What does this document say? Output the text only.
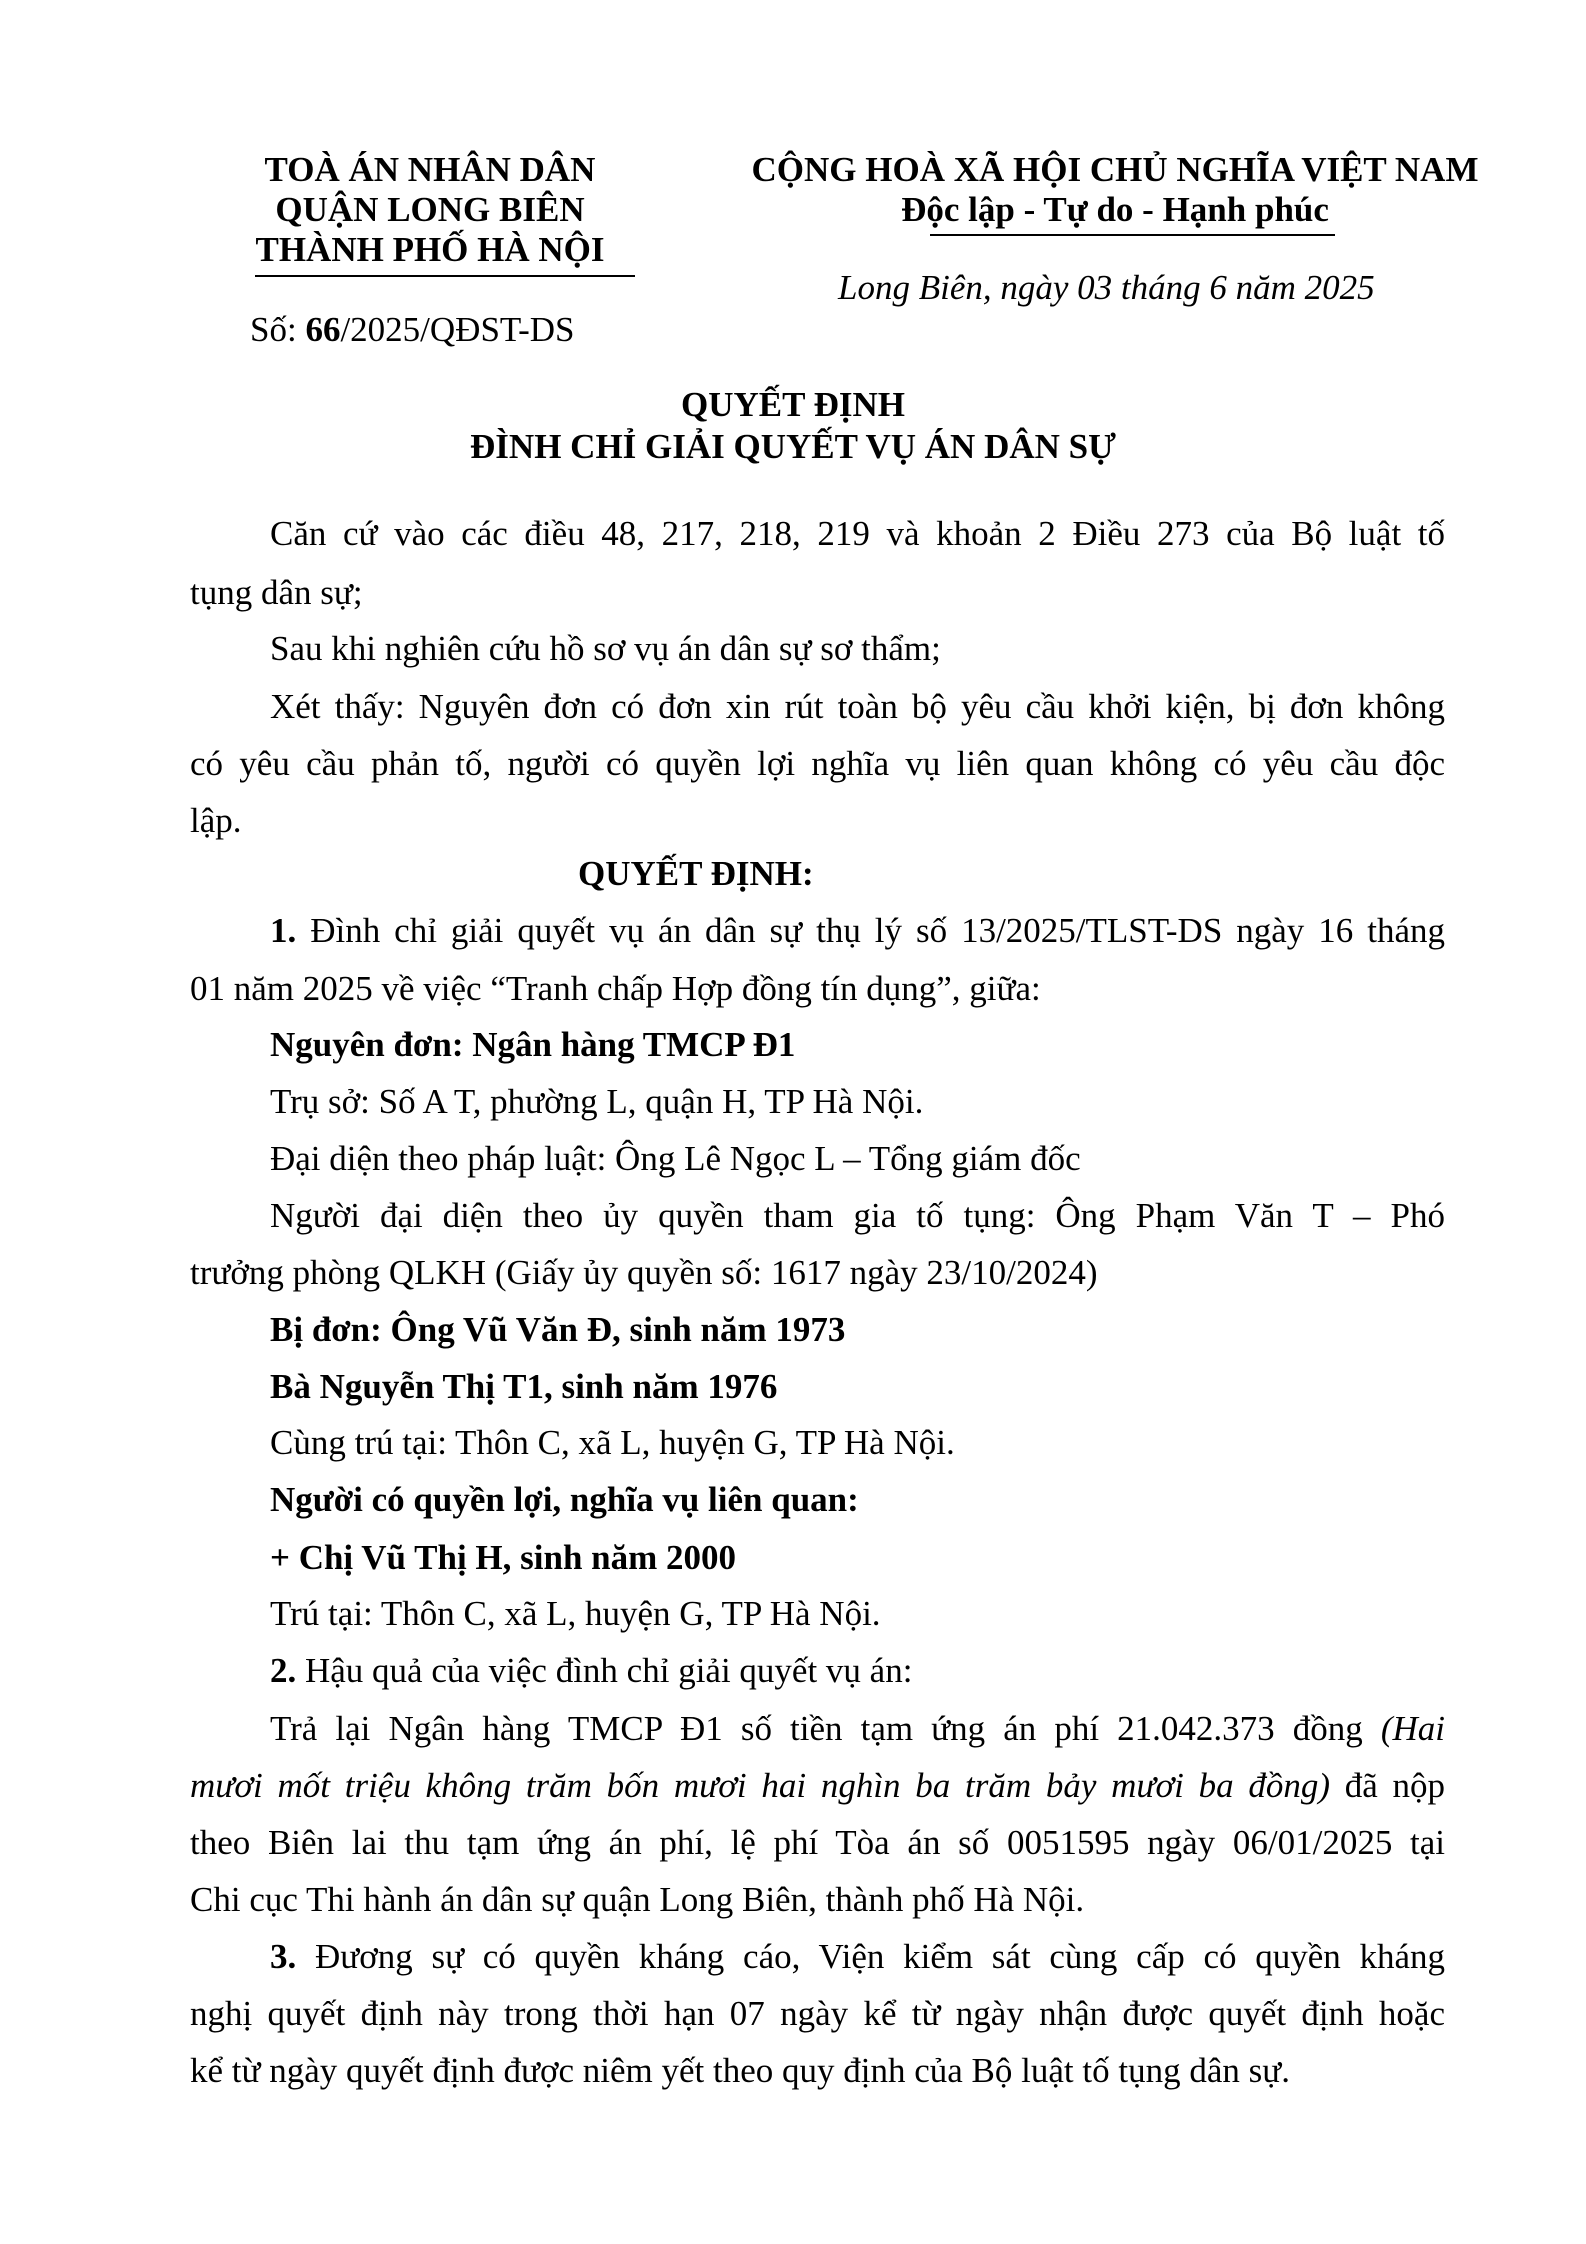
TOÀ ÁN NHÂN DÂN
QUẬN LONG BIÊN
THÀNH PHỐ HÀ NỘI
Số: 66/2025/QĐST-DS
CỘNG HOÀ XÃ HỘI CHỦ NGHĨA VIỆT NAM
Độc lập - Tự do - Hạnh phúc
Long Biên, ngày 03 tháng 6 năm 2025
QUYẾT ĐỊNH
ĐÌNH CHỈ GIẢI QUYẾT VỤ ÁN DÂN SỰ
Căn cứ vào các điều 48, 217, 218, 219 và khoản 2 Điều 273 của Bộ luật tố
tụng dân sự;
Sau khi nghiên cứu hồ sơ vụ án dân sự sơ thẩm;
Xét thấy: Nguyên đơn có đơn xin rút toàn bộ yêu cầu khởi kiện, bị đơn không
có yêu cầu phản tố, người có quyền lợi nghĩa vụ liên quan không có yêu cầu độc
lập.
QUYẾT ĐỊNH:
1. Đình chỉ giải quyết vụ án dân sự thụ lý số 13/2025/TLST-DS ngày 16 tháng
01 năm 2025 về việc “Tranh chấp Hợp đồng tín dụng”, giữa:
Nguyên đơn: Ngân hàng TMCP Đ1
Trụ sở: Số A T, phường L, quận H, TP Hà Nội.
Đại diện theo pháp luật: Ông Lê Ngọc L – Tổng giám đốc
Người đại diện theo ủy quyền tham gia tố tụng: Ông Phạm Văn T – Phó
trưởng phòng QLKH (Giấy ủy quyền số: 1617 ngày 23/10/2024)
Bị đơn: Ông Vũ Văn Đ, sinh năm 1973
Bà Nguyễn Thị T1, sinh năm 1976
Cùng trú tại: Thôn C, xã L, huyện G, TP Hà Nội.
Người có quyền lợi, nghĩa vụ liên quan:
+ Chị Vũ Thị H, sinh năm 2000
Trú tại: Thôn C, xã L, huyện G, TP Hà Nội.
2. Hậu quả của việc đình chỉ giải quyết vụ án:
Trả lại Ngân hàng TMCP Đ1 số tiền tạm ứng án phí 21.042.373 đồng (Hai
mươi mốt triệu không trăm bốn mươi hai nghìn ba trăm bảy mươi ba đồng) đã nộp
theo Biên lai thu tạm ứng án phí, lệ phí Tòa án số 0051595 ngày 06/01/2025 tại
Chi cục Thi hành án dân sự quận Long Biên, thành phố Hà Nội.
3. Đương sự có quyền kháng cáo, Viện kiểm sát cùng cấp có quyền kháng
nghị quyết định này trong thời hạn 07 ngày kể từ ngày nhận được quyết định hoặc
kể từ ngày quyết định được niêm yết theo quy định của Bộ luật tố tụng dân sự.
